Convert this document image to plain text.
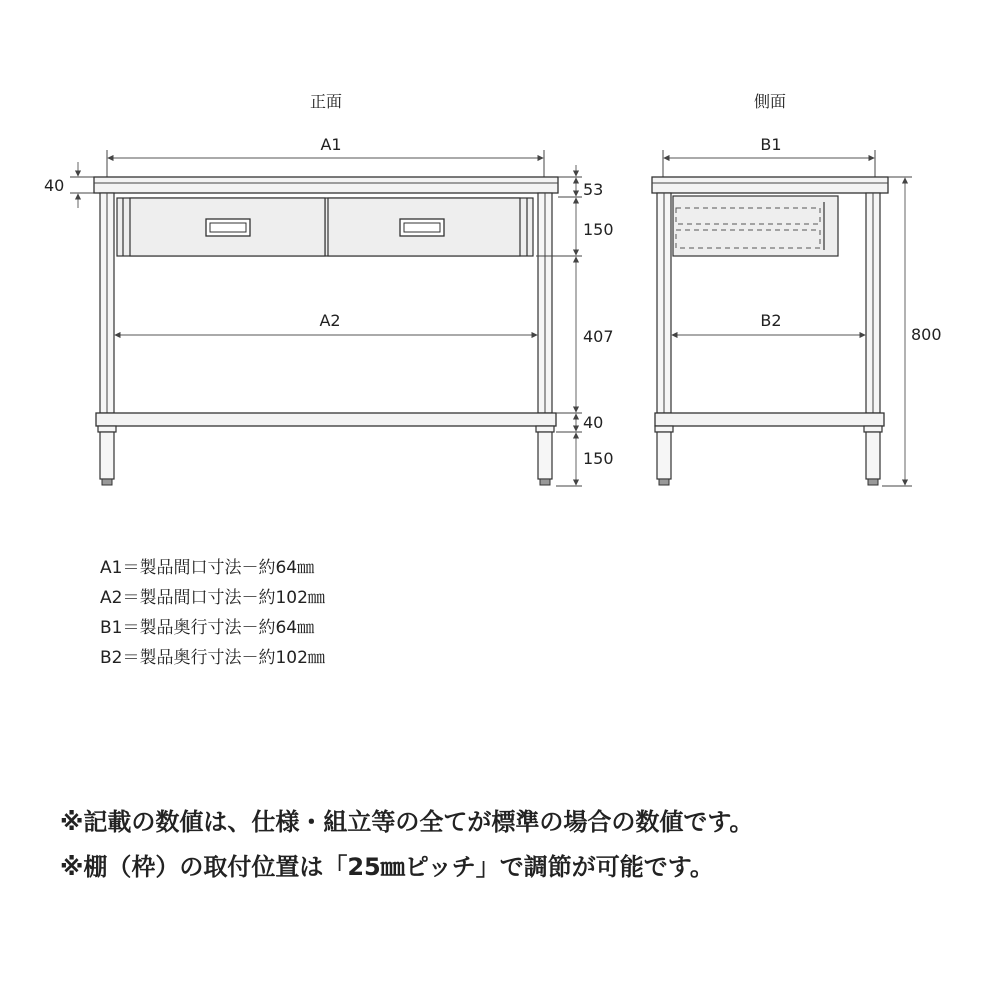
正面
A1
40
A2
53
150
407
40
150
側面
B1
B2
800
A1＝製品間口寸法－約64㎜
A2＝製品間口寸法－約102㎜
B1＝製品奥行寸法－約64㎜
B2＝製品奥行寸法－約102㎜
※記載の数値は、仕様・組立等の全てが標準の場合の数値です。
※棚（枠）の取付位置は「25㎜ピッチ」で調節が可能です。
